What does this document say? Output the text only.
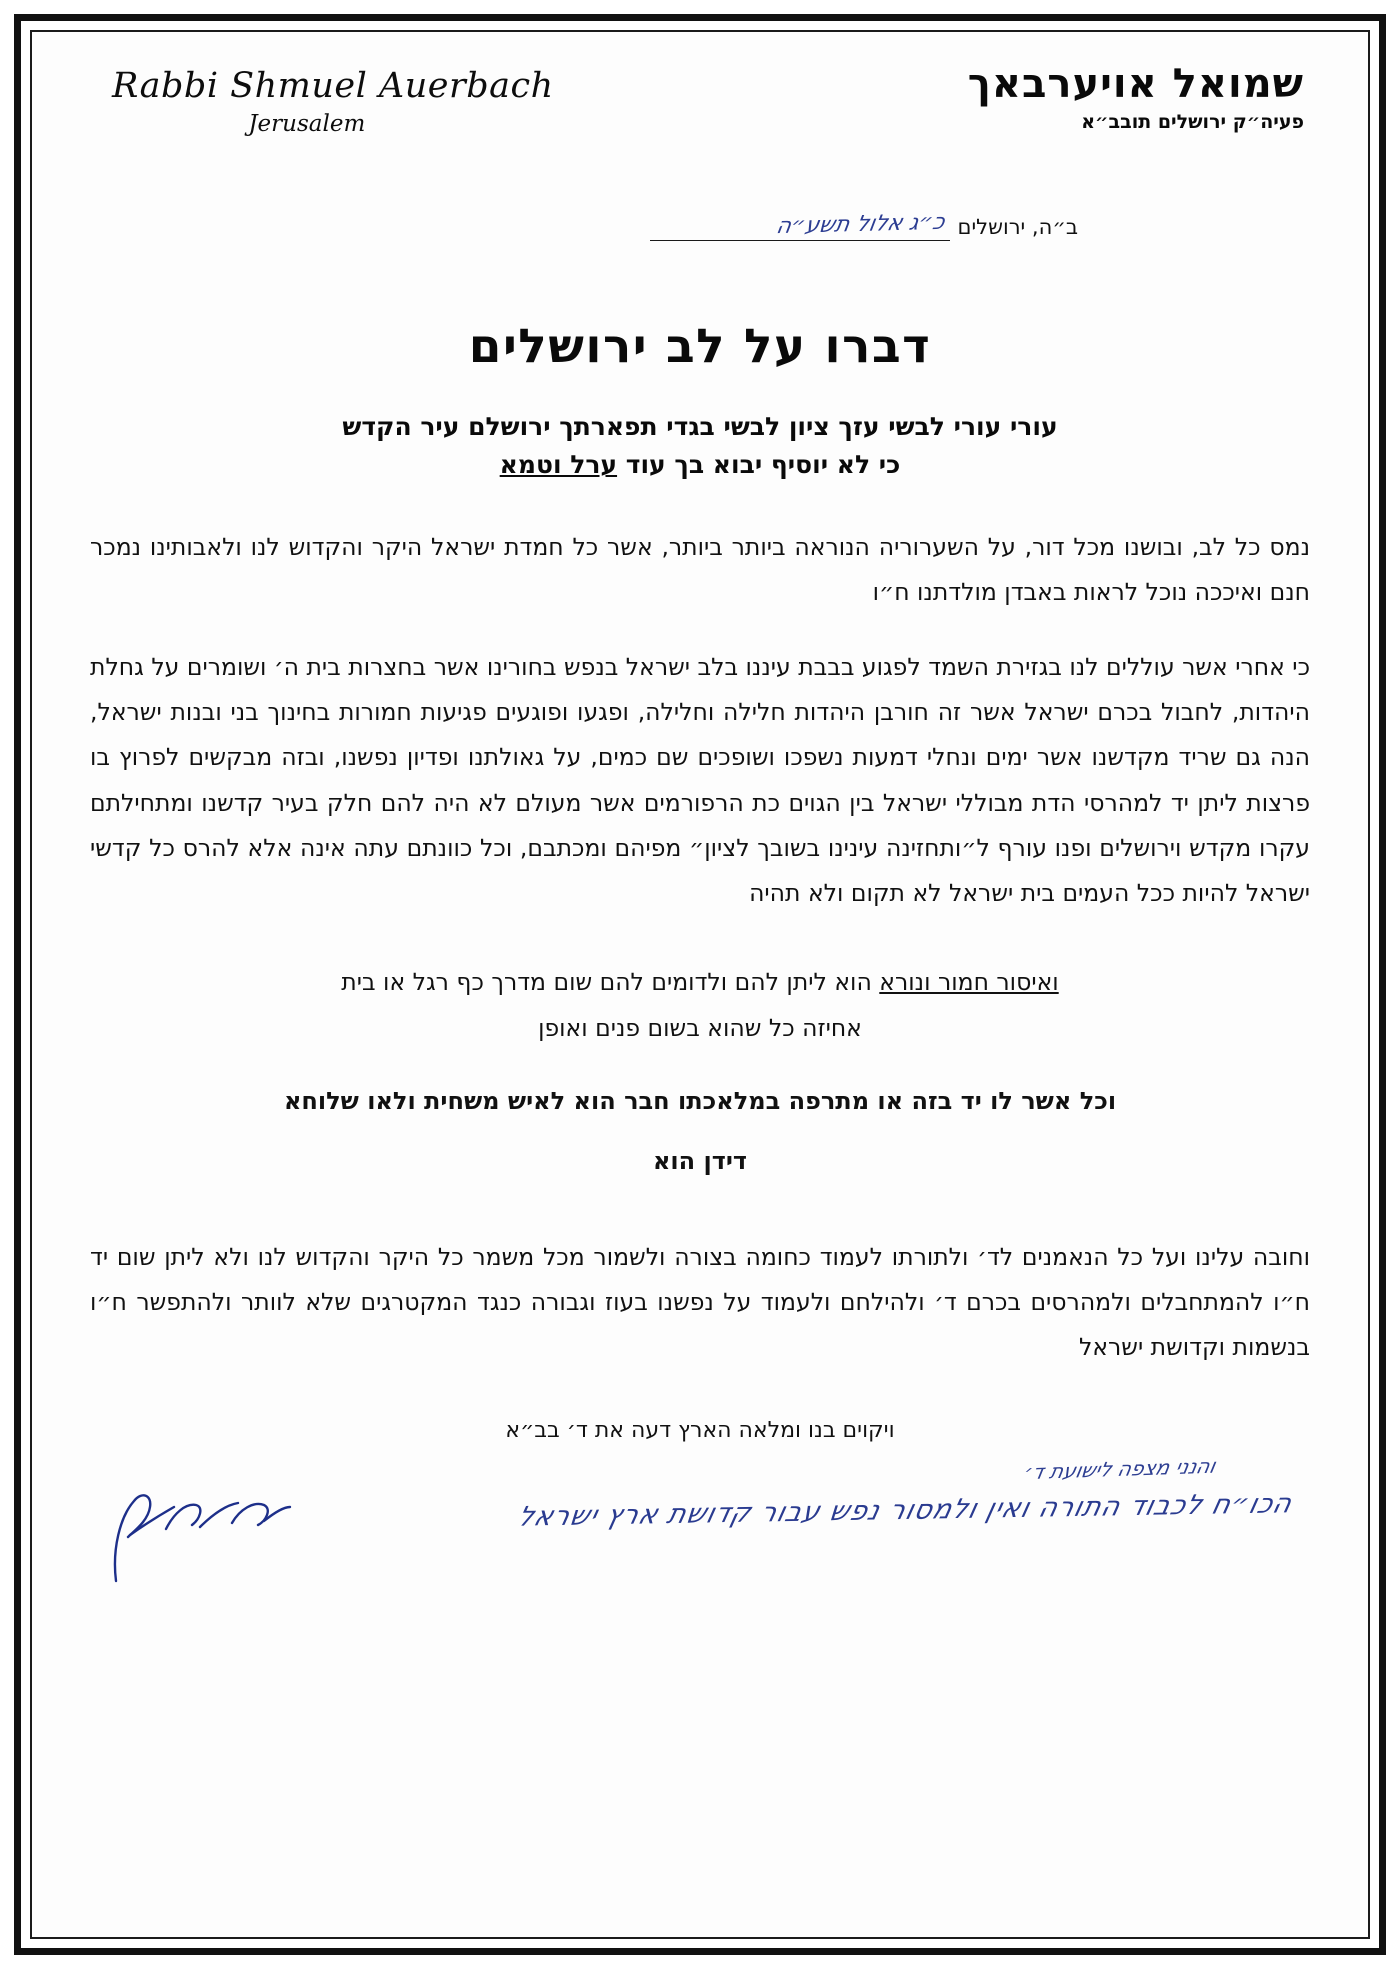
Rabbi Shmuel Auerbach
Jerusalem
שמואל אויערבאך
פעיה״ק ירושלים תובב״א
ב״ה, ירושלים
כ״ג אלול תשע״ה
דברו על לב ירושלים
עורי עורי לבשי עזך ציון לבשי בגדי תפארתך ירושלם עיר הקדש
כי לא יוסיף יבוא בך עוד ערל וטמא

נמס כל לב, ובושנו מכל דור, על השערוריה הנוראה ביותר ביותר, אשר כל חמדת ישראל היקר והקדוש לנו ולאבותינו נמכר חנם ואיככה נוכל לראות באבדן מולדתנו ח״ו

כי אחרי אשר עוללים לנו בגזירת השמד לפגוע בבבת עיננו בלב ישראל בנפש בחורינו אשר בחצרות בית ה׳ ושומרים על גחלת היהדות, לחבול בכרם ישראל אשר זה חורבן היהדות חלילה וחלילה, ופגעו ופוגעים פגיעות חמורות בחינוך בני ובנות ישראל, הנה גם שריד מקדשנו אשר ימים ונחלי דמעות נשפכו ושופכים שם כמים, על גאולתנו ופדיון נפשנו, ובזה מבקשים לפרוץ בו פרצות ליתן יד למהרסי הדת מבוללי ישראל בין הגוים כת הרפורמים אשר מעולם לא היה להם חלק בעיר קדשנו ומתחילתם עקרו מקדש וירושלים ופנו עורף ל״ותחזינה עינינו בשובך לציון״ מפיהם ומכתבם, וכל כוונתם עתה אינה אלא להרס כל קדשי ישראל להיות ככל העמים בית ישראל לא תקום ולא תהיה

ואיסור חמור ונורא הוא ליתן להם ולדומים להם שום מדרך כף רגל או בית
אחיזה כל שהוא בשום פנים ואופן
וכל אשר לו יד בזה או מתרפה במלאכתו חבר הוא לאיש משחית ולאו שלוחא
דידן הוא

וחובה עלינו ועל כל הנאמנים לד׳ ולתורתו לעמוד כחומה בצורה ולשמור מכל משמר כל היקר והקדוש לנו ולא ליתן שום יד ח״ו להמתחבלים ולמהרסים בכרם ד׳ ולהילחם ולעמוד על נפשנו בעוז וגבורה כנגד המקטרגים שלא לוותר ולהתפשר ח״ו בנשמות וקדושת ישראל

ויקוים בנו ומלאה הארץ דעה את ד׳ בב״א
והנני מצפה לישועת ד׳
הכו״ח לכבוד התורה ואין ולמסור נפש עבור קדושת ארץ ישראל
